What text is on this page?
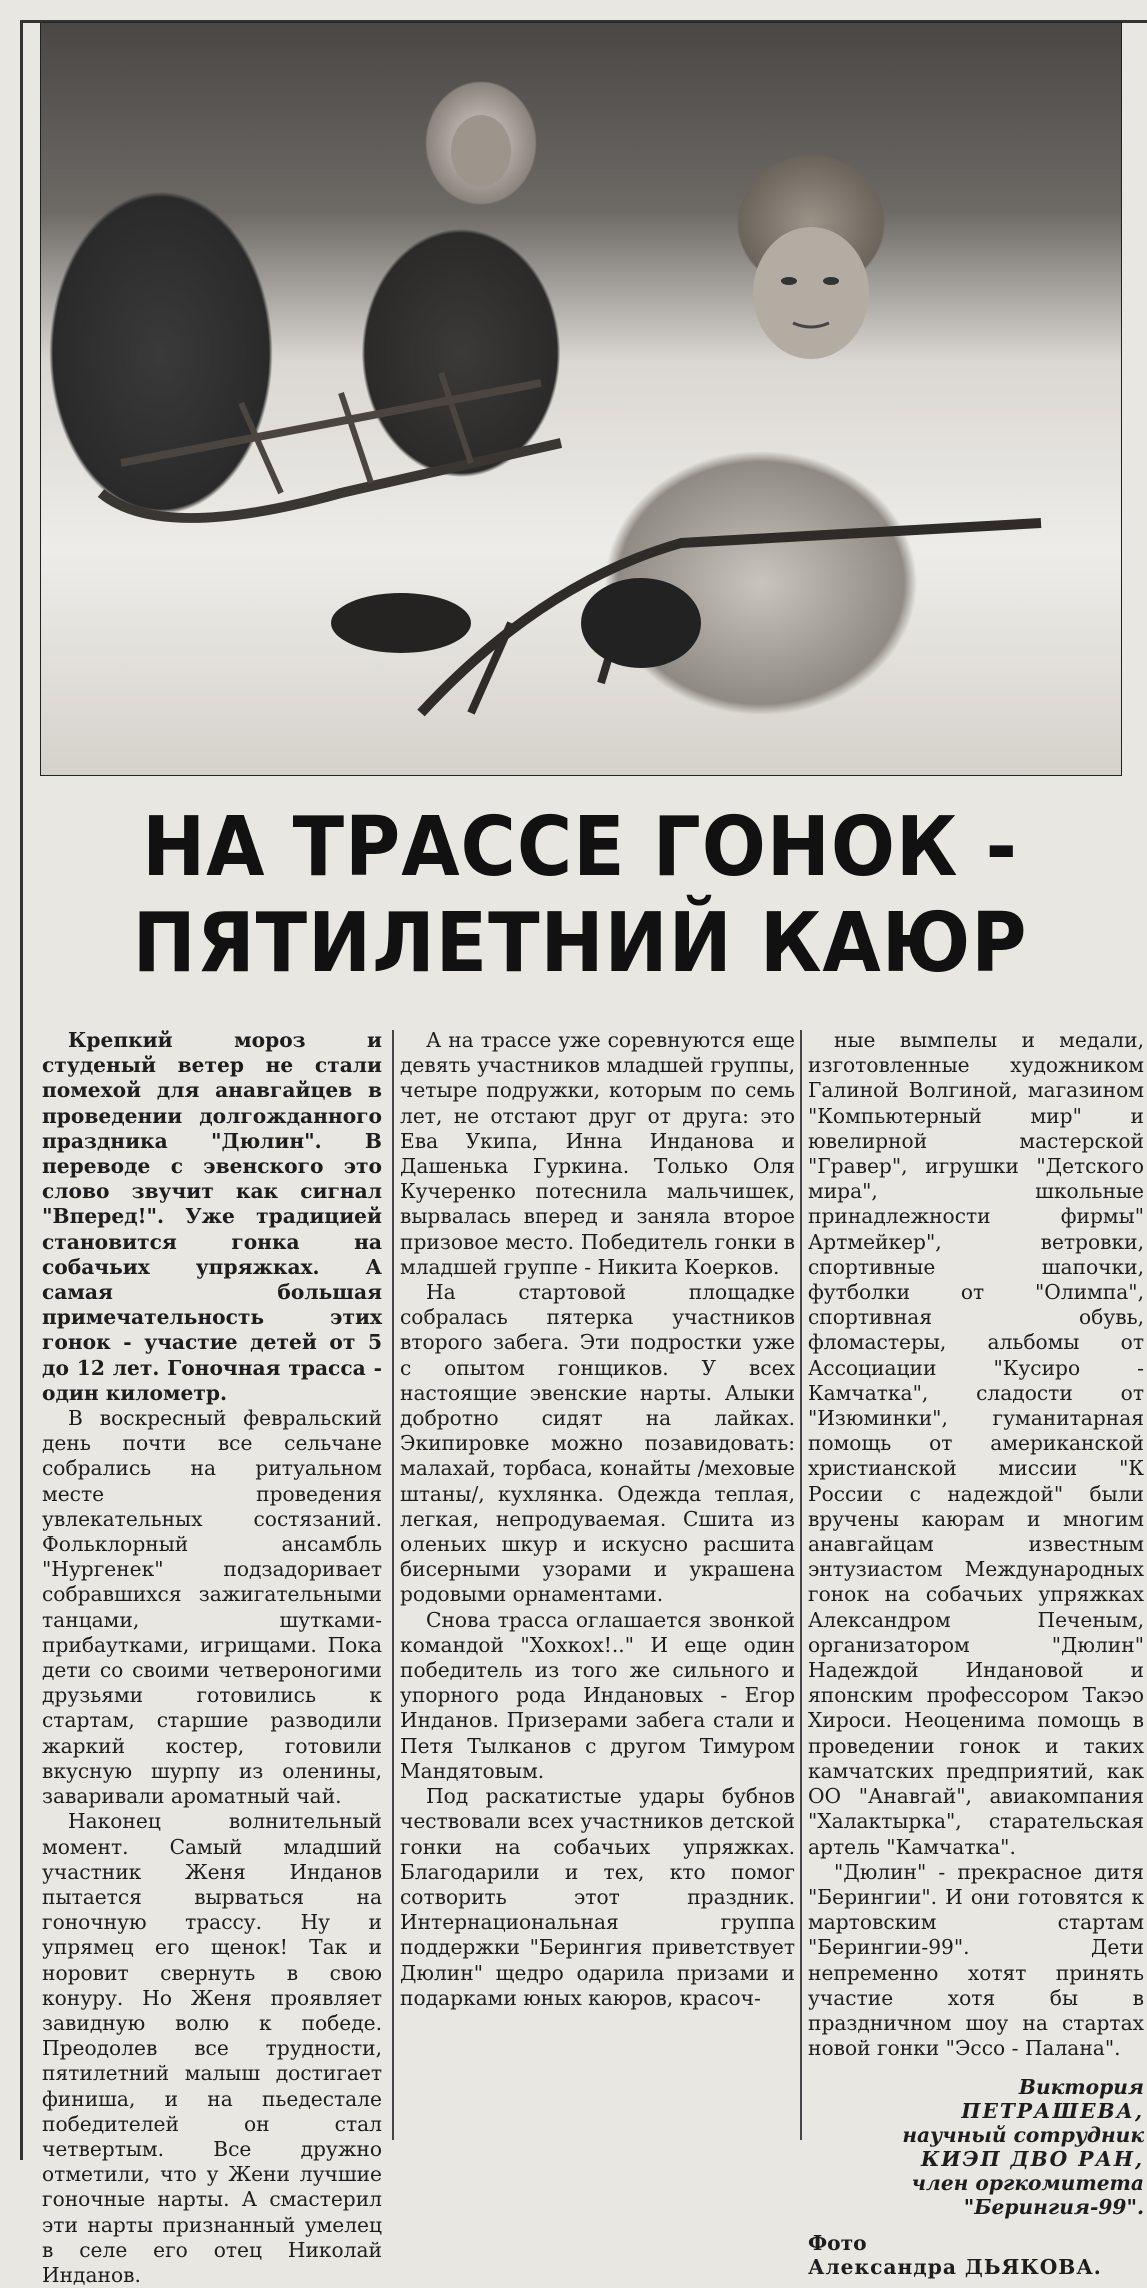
НА ТРАССЕ ГОНОК -
ПЯТИЛЕТНИЙ КАЮР

Крепкий мороз и студеный ветер не стали помехой для анавгайцев в проведении долгожданного праздника "Дюлин". В переводе с эвенского это слово звучит как сигнал "Вперед!". Уже традицией становится гонка на собачьих упряжках. А самая большая примечательность этих гонок - участие детей от 5 до 12 лет. Гоночная трасса - один километр.

В воскресный февральский день почти все сельчане собрались на ритуальном месте проведения увлекательных состязаний. Фольклорный ансамбль "Нургенек" подзадоривает собравшихся зажигательными танцами, шутками-прибаутками, игрищами. Пока дети со своими четвероногими друзьями готовились к стартам, старшие разводили жаркий костер, готовили вкусную шурпу из оленины, заваривали ароматный чай.

Наконец волнительный момент. Самый младший участник Женя Инданов пытается вырваться на гоночную трассу. Ну и упрямец его щенок! Так и норовит свернуть в свою конуру. Но Женя проявляет завидную волю к победе. Преодолев все трудности, пятилетний малыш достигает финиша, и на пьедестале победителей он стал четвертым. Все дружно отметили, что у Жени лучшие гоночные нарты. А смастерил эти нарты признанный умелец в селе его отец Николай Инданов.

А на трассе уже соревнуются еще девять участников младшей группы, четыре подружки, которым по семь лет, не отстают друг от друга: это Ева Укипа, Инна Инданова и Дашенька Гуркина. Только Оля Кучеренко потеснила мальчишек, вырвалась вперед и заняла второе призовое место. Победитель гонки в младшей группе - Никита Коерков.

На стартовой площадке собралась пятерка участников второго забега. Эти подростки уже с опытом гонщиков. У всех настоящие эвенские нарты. Алыки добротно сидят на лайках. Экипировке можно позавидовать: малахай, торбаса, конайты /меховые штаны/, кухлянка. Одежда теплая, легкая, непродуваемая. Сшита из оленьих шкур и искусно расшита бисерными узорами и украшена родовыми орнаментами.

Снова трасса оглашается звонкой командой "Хохкох!.." И еще один победитель из того же сильного и упорного рода Индановых - Егор Инданов. Призерами забега стали и Петя Тылканов с другом Тимуром Мандятовым.

Под раскатистые удары бубнов чествовали всех участников детской гонки на собачьих упряжках. Благодарили и тех, кто помог сотворить этот праздник. Интернациональная группа поддержки "Берингия приветствует Дюлин" щедро одарила призами и подарками юных каюров, красоч-

ные вымпелы и медали, изготовленные художником Галиной Волгиной, магазином "Компьютерный мир" и ювелирной мастерской "Гравер", игрушки "Детского мира", школьные принадлежности фирмы" Артмейкер", ветровки, спортивные шапочки, футболки от "Олимпа", спортивная обувь, фломастеры, альбомы от Ассоциации "Кусиро - Камчатка", сладости от "Изюминки", гуманитарная помощь от американской христианской миссии "К России с надеждой" были вручены каюрам и многим анавгайцам известным энтузиастом Международных гонок на собачьих упряжках Александром Печеным, организатором "Дюлин" Надеждой Индановой и японским профессором Такэо Хироси. Неоценима помощь в проведении гонок и таких камчатских предприятий, как ОО "Анавгай", авиакомпания "Халактырка", старательская артель "Камчатка".

"Дюлин" - прекрасное дитя "Берингии". И они готовятся к мартовским стартам "Берингии-99". Дети непременно хотят принять участие хотя бы в праздничном шоу на стартах новой гонки "Эссо - Палана".

Виктория
ПЕТРАШЕВА,
научный сотрудник
КИЭП ДВО РАН,
член оргкомитета
"Берингия-99".
Фото
Александра ДЬЯКОВА.
